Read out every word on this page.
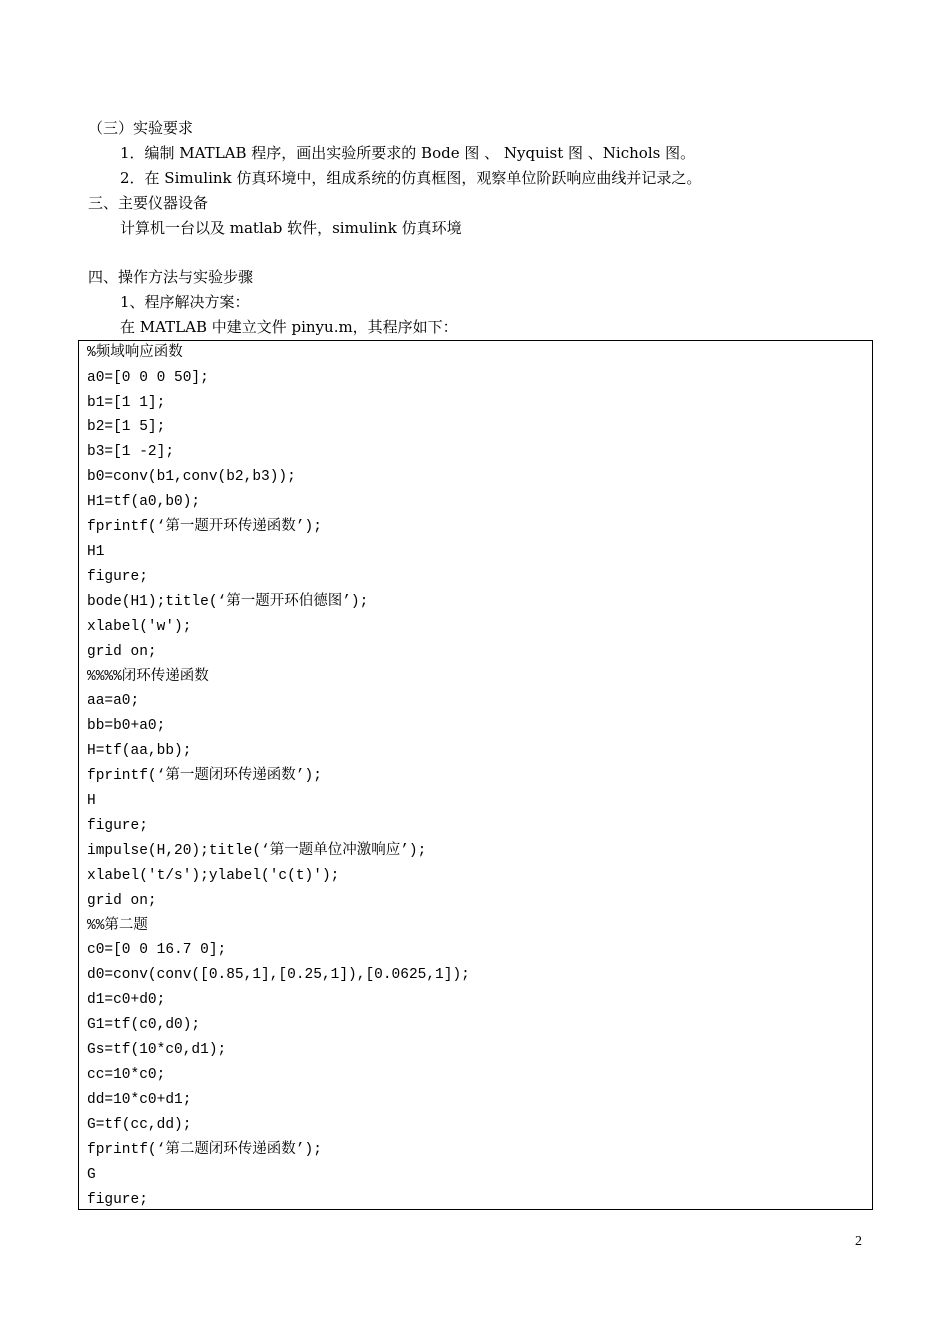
（三）实验要求
1．编制 MATLAB 程序，画出实验所要求的 Bode 图 、 Nyquist 图 、Nichols 图。
2．在 Simulink 仿真环境中，组成系统的仿真框图，观察单位阶跃响应曲线并记录之。
三、主要仪器设备
计算机一台以及 matlab 软件，simulink 仿真环境
四、操作方法与实验步骤
1、程序解决方案：
在 MATLAB 中建立文件 pinyu.m，其程序如下：
%频域响应函数
a0=[0 0 0 50];
b1=[1 1];
b2=[1 5];
b3=[1 -2];
b0=conv(b1,conv(b2,b3));
H1=tf(a0,b0);
fprintf(‘第一题开环传递函数’);
H1
figure;
bode(H1);title(‘第一题开环伯德图’);
xlabel('w');
grid on;
%%%%闭环传递函数
aa=a0;
bb=b0+a0;
H=tf(aa,bb);
fprintf(‘第一题闭环传递函数’);
H
figure;
impulse(H,20);title(‘第一题单位冲激响应’);
xlabel('t/s');ylabel('c(t)');
grid on;
%%第二题
c0=[0 0 16.7 0];
d0=conv(conv([0.85,1],[0.25,1]),[0.0625,1]);
d1=c0+d0;
G1=tf(c0,d0);
Gs=tf(10*c0,d1);
cc=10*c0;
dd=10*c0+d1;
G=tf(cc,dd);
fprintf(‘第二题闭环传递函数’);
G
figure;
2
